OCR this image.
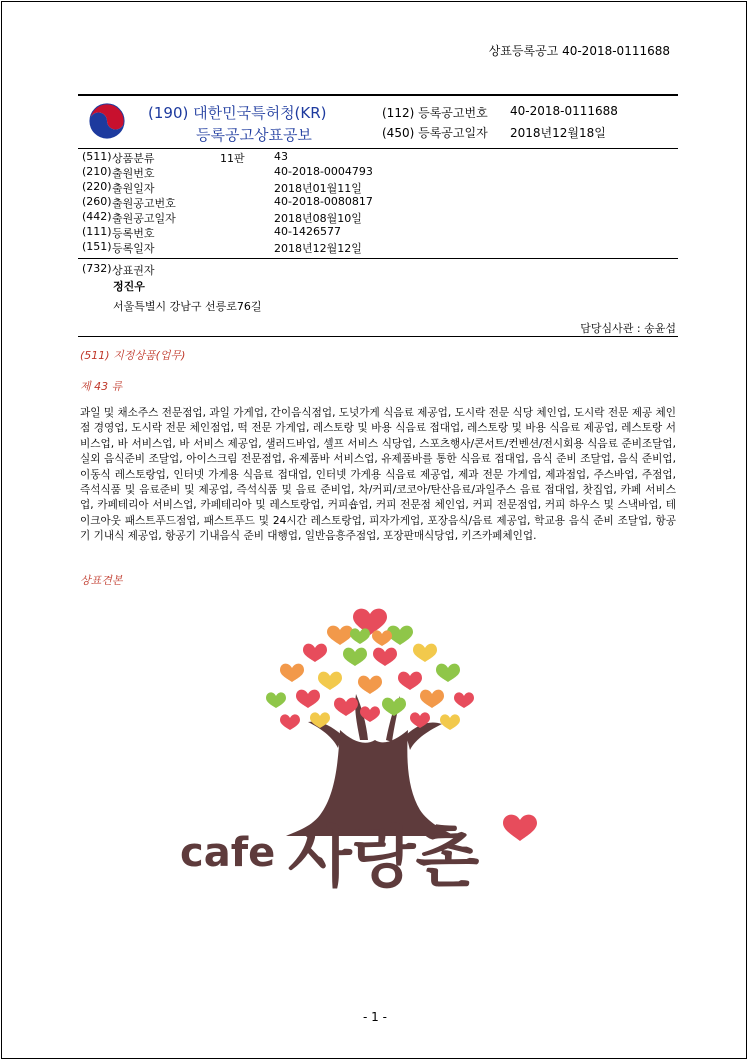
상표등록공고 40-2018-0111688
(190) 대한민국특허청(KR)
등록공고상표공보
(112) 등록공고번호 40-2018-0111688
(450) 등록공고일자 2018년12월18일
(511) 상품분류	11판	43
(210) 출원번호	40-2018-0004793
(220) 출원일자	2018년01월11일
(260) 출원공고번호	40-2018-0080817
(442) 출원공고일자	2018년08월10일
(111) 등록번호	40-1426577
(151) 등록일자	2018년12월12일
(732) 상표권자
정진우
서울특별시 강남구 선릉로76길
담당심사관 : 송윤섭
(511) 지정상품(업무)
제 43 류

과일 및 채소주스 전문점업, 과일 가게업, 간이음식점업, 도넛가게 식음료 제공업, 도시락 전문 식당 체인업, 도시락 전문 제공 체인점 경영업, 도시락 전문 체인점업, 떡 전문 가게업, 레스토랑 및 바용 식음료 접대업, 레스토랑 및 바용 식음료 제공업, 레스토랑 서비스업, 바 서비스업, 바 서비스 제공업, 샐러드바업, 셀프 서비스 식당업, 스포츠행사/콘서트/컨벤션/전시회용 식음료 준비조달업, 실외 음식준비 조달업, 아이스크림 전문점업, 유제품바 서비스업, 유제품바를 통한 식음료 접대업, 음식 준비 조달업, 음식 준비업, 이동식 레스토랑업, 인터넷 가게용 식음료 접대업, 인터넷 가게용 식음료 제공업, 제과 전문 가게업, 제과점업, 주스바업, 주점업, 즉석식품 및 음료준비 및 제공업, 즉석식품 및 음료 준비업, 차/커피/코코아/탄산음료/과일주스 음료 접대업, 찻집업, 카페 서비스업, 카페테리아 서비스업, 카페테리아 및 레스토랑업, 커피숍업, 커피 전문점 체인업, 커피 전문점업, 커피 하우스 및 스낵바업, 테이크아웃 패스트푸드점업, 패스트푸드 및 24시간 레스토랑업, 피자가게업, 포장음식/음료 제공업, 학교용 음식 준비 조달업, 항공기 기내식 제공업, 항공기 기내음식 준비 대행업, 일반음흥주점업, 포장판매식당업, 키즈카페체인업.

상표견본
cafe 사랑촌
- 1 -
